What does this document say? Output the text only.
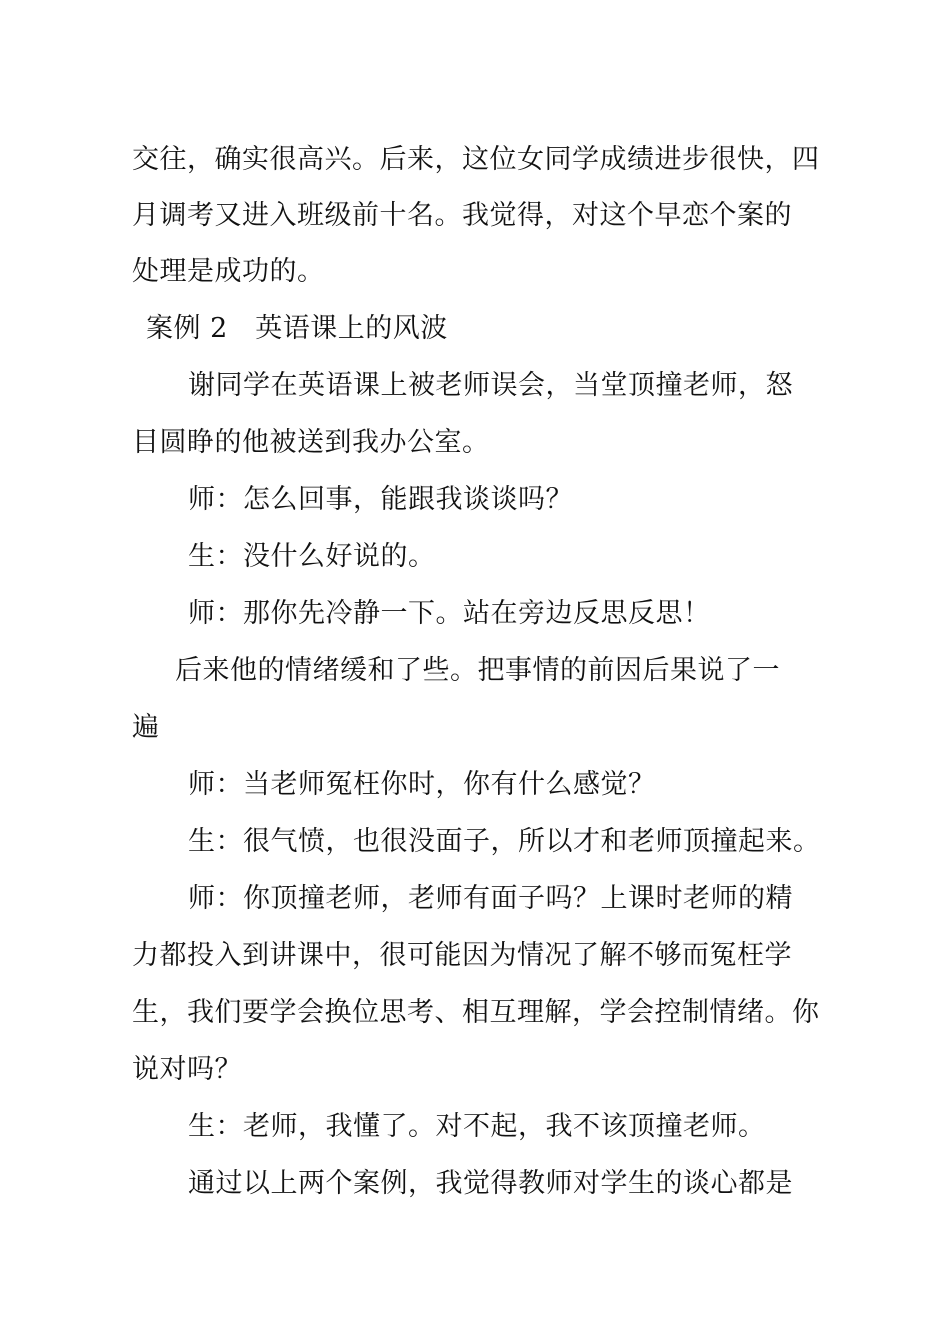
交往，确实很高兴。后来，这位女同学成绩进步很快，四
月调考又进入班级前十名。我觉得，对这个早恋个案的
处理是成功的。
案例 2　英语课上的风波
谢同学在英语课上被老师误会，当堂顶撞老师，怒
目圆睁的他被送到我办公室。
师：怎么回事，能跟我谈谈吗？
生：没什么好说的。
师：那你先冷静一下。站在旁边反思反思！
后来他的情绪缓和了些。把事情的前因后果说了一
遍
师：当老师冤枉你时，你有什么感觉？
生：很气愤，也很没面子，所以才和老师顶撞起来。
师：你顶撞老师，老师有面子吗？上课时老师的精
力都投入到讲课中，很可能因为情况了解不够而冤枉学
生，我们要学会换位思考、相互理解，学会控制情绪。你
说对吗？
生：老师，我懂了。对不起，我不该顶撞老师。
通过以上两个案例，我觉得教师对学生的谈心都是
